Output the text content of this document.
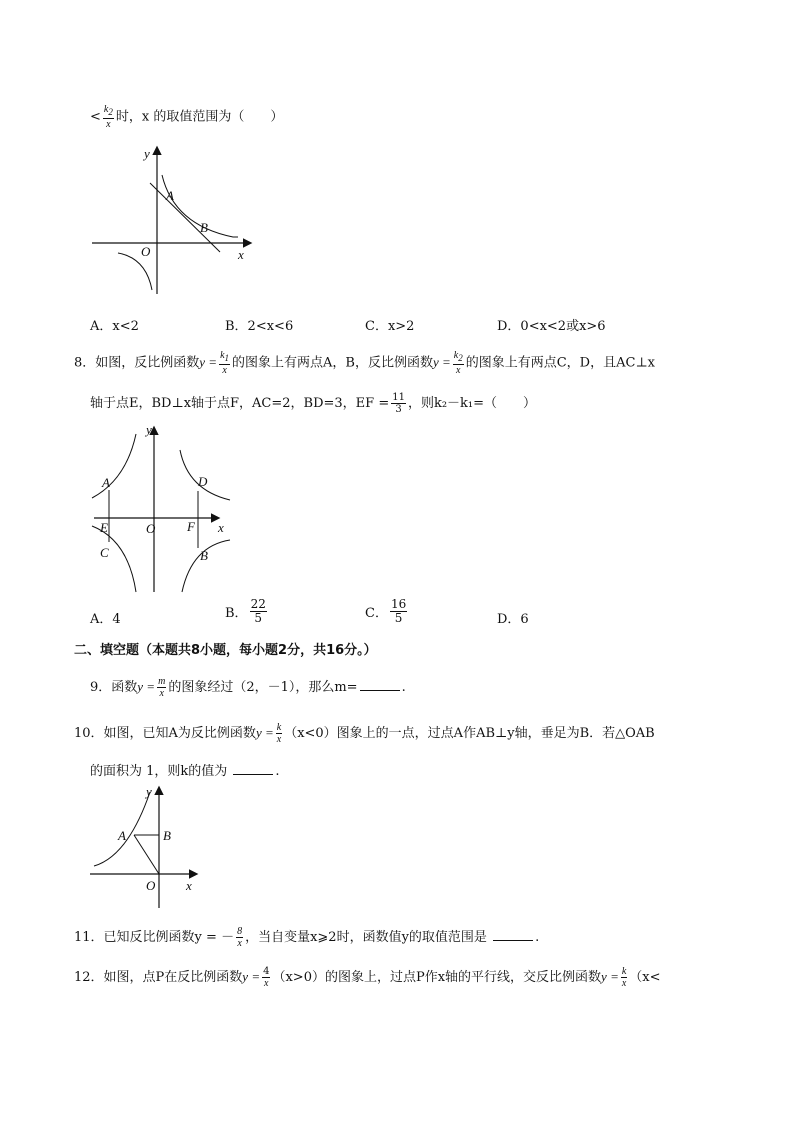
< $\frac{k_2}{x}$ 时，x 的取值范围为（　　）
y
A
B
O	x
A．x<2	B．2<x<6	C．x>2	D．0<x<2或x>6
8．如图，反比例函数$y = \frac{k_1}{x}$ 的图象上有两点A，B，反比例函数$y = \frac{k_2}{x}$ 的图象上有两点C，D，且AC⊥x
轴于点E，BD⊥x轴于点F，AC=2，BD=3，EF = $\frac{11}{3}$ ，则k₂－k₁=（　　）
y
A	D
E	O F x
C	B
A．4	B． $\frac{22}{5}$	C． $\frac{16}{5}$	D．6
二、填空题（本题共8小题，每小题2分，共16分。）
9．函数$y = \frac{m}{x}$ 的图象经过（2，－1），那么m=	.
10．如图，已知A为反比例函数$y = \frac{k}{x} (x<0)$图象上的一点，过点A作AB⊥y轴，垂足为B．若△OAB
的面积为 1，则k的值为	.
y
A	B
O x
11．已知反比例函数y = － $\frac{8}{x}$ ，当自变量x⩾2时，函数值y的取值范围是	.
12．如图，点P在反比例函数$y = \frac{4}{x} (x>0)$的图象上，过点P作x轴的平行线，交反比例函数$y = \frac{k}{x} (x<$
